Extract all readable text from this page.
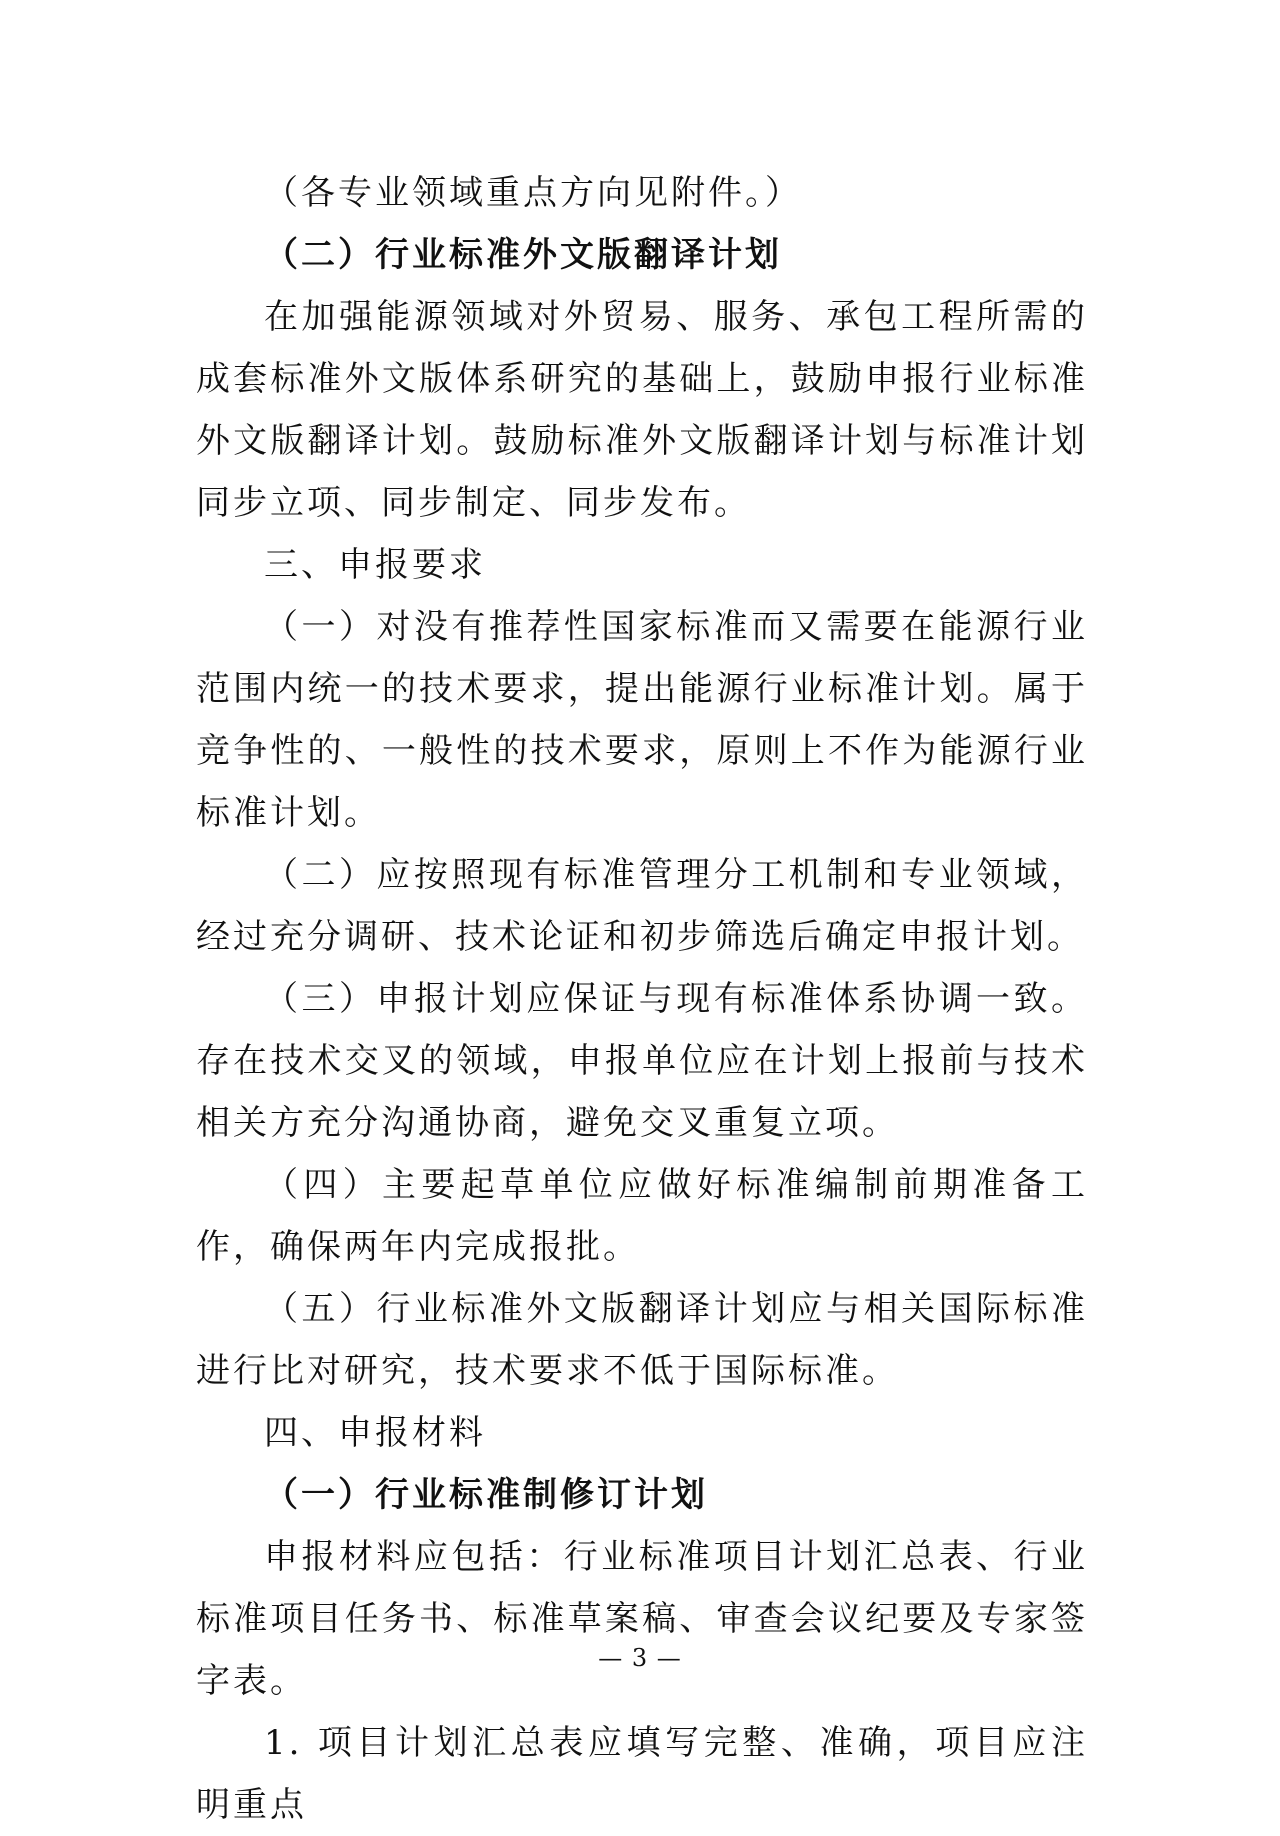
（各专业领域重点方向见附件。）

（二）行业标准外文版翻译计划

在加强能源领域对外贸易、服务、承包工程所需的成套标准外文版体系研究的基础上，鼓励申报行业标准外文版翻译计划。鼓励标准外文版翻译计划与标准计划同步立项、同步制定、同步发布。

三、申报要求

（一）对没有推荐性国家标准而又需要在能源行业范围内统一的技术要求，提出能源行业标准计划。属于竞争性的、一般性的技术要求，原则上不作为能源行业标准计划。

（二）应按照现有标准管理分工机制和专业领域，经过充分调研、技术论证和初步筛选后确定申报计划。

（三）申报计划应保证与现有标准体系协调一致。存在技术交叉的领域，申报单位应在计划上报前与技术相关方充分沟通协商，避免交叉重复立项。

（四）主要起草单位应做好标准编制前期准备工作，确保两年内完成报批。

（五）行业标准外文版翻译计划应与相关国际标准进行比对研究，技术要求不低于国际标准。

四、申报材料

（一）行业标准制修订计划

申报材料应包括：行业标准项目计划汇总表、行业标准项目任务书、标准草案稿、审查会议纪要及专家签字表。

1. 项目计划汇总表应填写完整、准确，项目应注明重点

— 3 —
